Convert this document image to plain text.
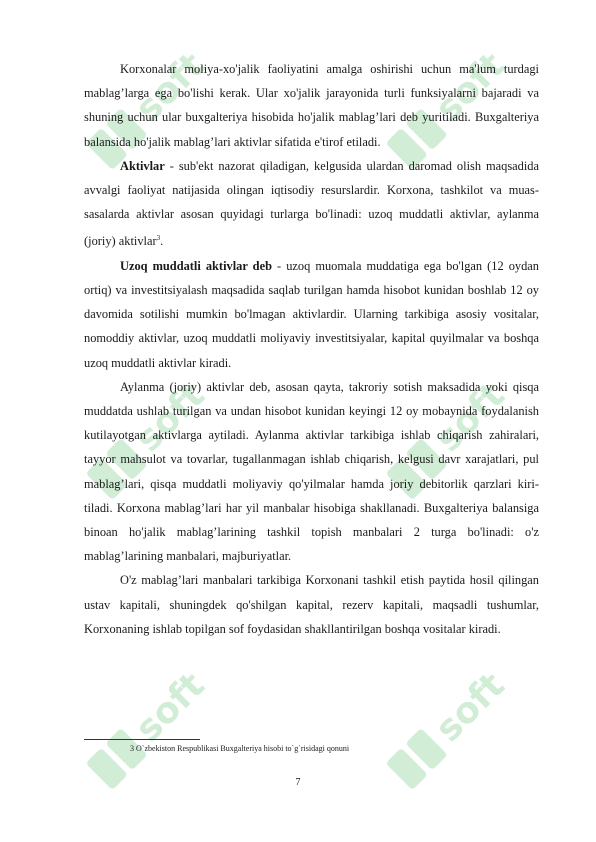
soft	soft
soft	soft
soft	soft

Korxonalar moliya-xo'jalik faoliyatini amalga oshirishi uchun ma'lum turdagi mablag’larga ega bo'lishi kerak. Ular xo'jalik jarayonida turli funksiyalarni bajaradi va shuning uchun ular buxgalteriya hisobida ho'jalik mablag’lari deb yuritiladi. Buxgalteriya balansida ho'jalik mablag’lari aktivlar sifatida e'tirof etiladi.

Aktivlar - sub'ekt nazorat qiladigan, kelgusida ulardan daromad olish maqsadida avvalgi faoliyat natijasida olingan iqtisodiy resurslardir. Korxona, tashkilot va muas-sasalarda aktivlar asosan quyidagi turlarga bo'linadi: uzoq muddatli aktivlar, aylanma (joriy) aktivlar$^3$.

Uzoq muddatli aktivlar deb - uzoq muomala muddatiga ega bo'lgan (12 oydan ortiq) va investitsiyalash maqsadida saqlab turilgan hamda hisobot kunidan boshlab 12 oy davomida sotilishi mumkin bo'lmagan aktivlardir. Ularning tarkibiga asosiy vositalar, nomoddiy aktivlar, uzoq muddatli moliyaviy investitsiyalar, kapital quyilmalar va boshqa uzoq muddatli aktivlar kiradi.

Aylanma (joriy) aktivlar deb, asosan qayta, takroriy sotish maksadida yoki qisqa muddatda ushlab turilgan va undan hisobot kunidan keyingi 12 oy mobaynida foydalanish kutilayotgan aktivlarga aytiladi. Aylanma aktivlar tarkibiga ishlab chiqarish zahiralari, tayyor mahsulot va tovarlar, tugallanmagan ishlab chiqarish, kelgusi davr xarajatlari, pul mablag’lari, qisqa muddatli moliyaviy qo'yilmalar hamda joriy debitorlik qarzlari kiri-tiladi. Korxona mablag’lari har yil manbalar hisobiga shakllanadi. Buxgalteriya balansiga binoan ho'jalik mablag’larining tashkil topish manbalari 2 turga bo'linadi: o'z mablag’larining manbalari, majburiyatlar.

O'z mablag’lari manbalari tarkibiga Korxonani tashkil etish paytida hosil qilingan ustav kapitali, shuningdek qo'shilgan kapital, rezerv kapitali, maqsadli tushumlar, Korxonaning ishlab topilgan sof foydasidan shakllantirilgan boshqa vositalar kiradi.

3 O`zbekiston Respublikasi Buxgalteriya hisobi to`g`risidagi qonuni
7
